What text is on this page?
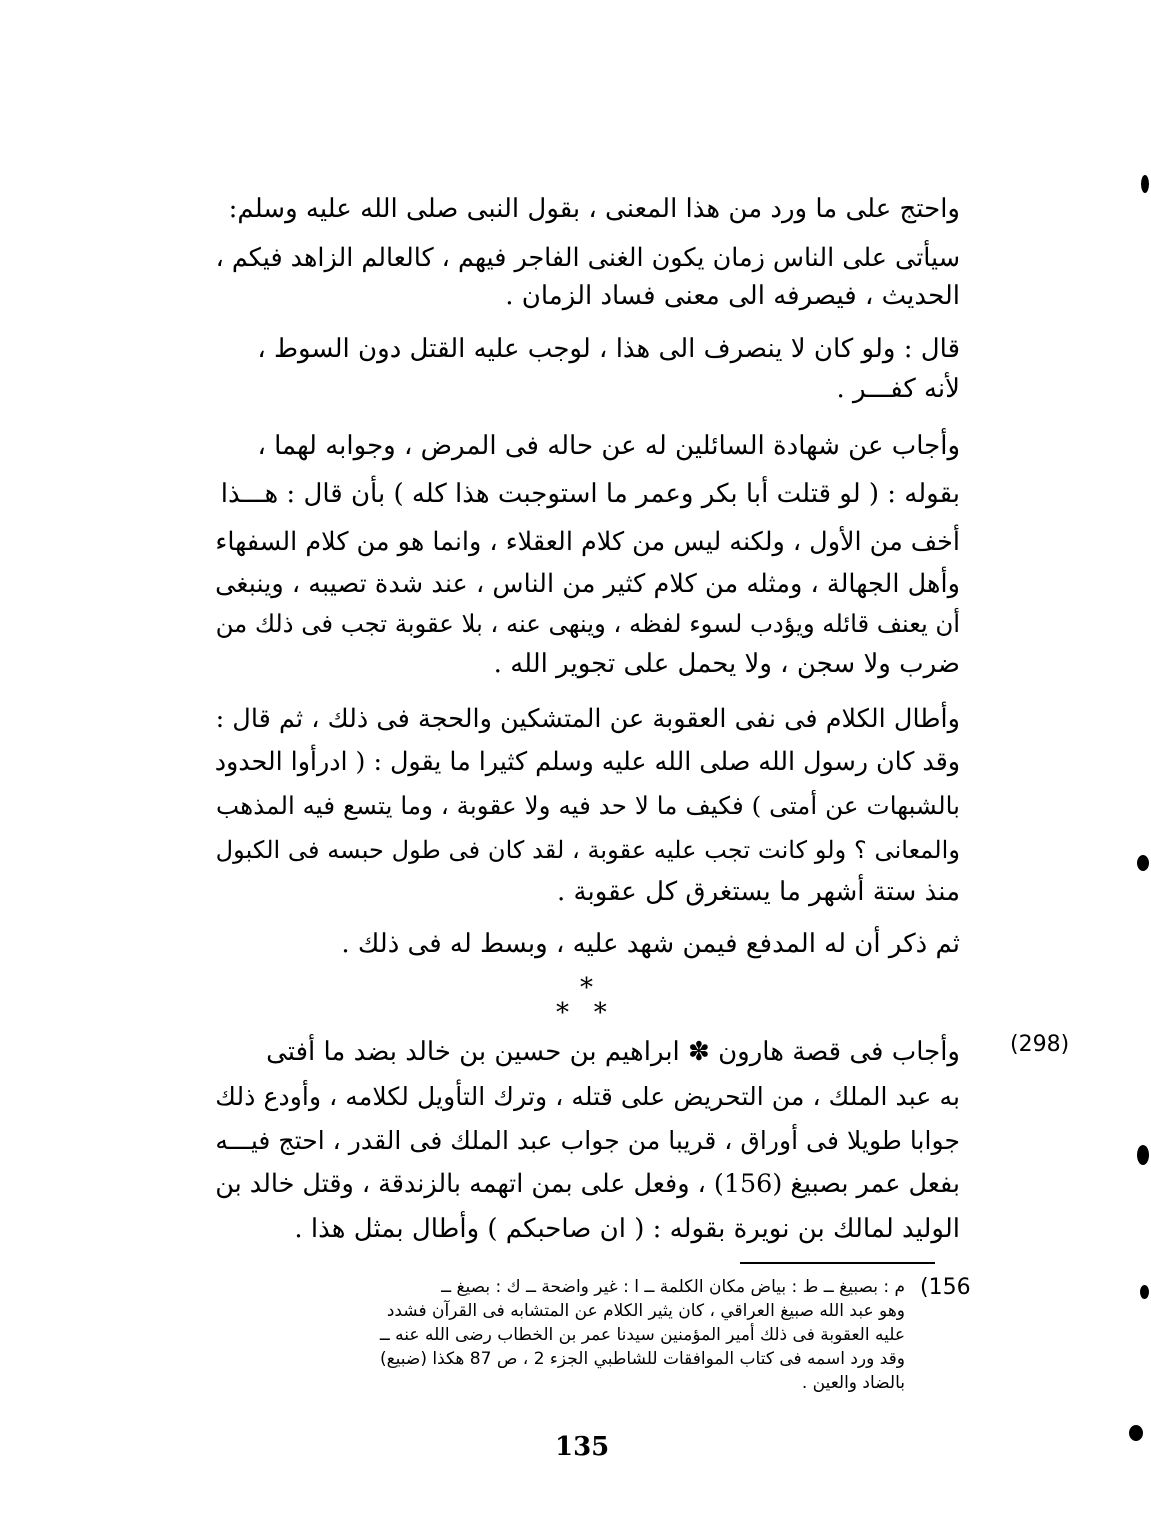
واحتج على ما ورد من هذا المعنى ، بقول النبى صلى الله عليه وسلم:
سيأتى على الناس زمان يكون الغنى الفاجر فيهم ، كالعالم الزاهد فيكم ،
الحديث ، فيصرفه الى معنى فساد الزمان .
قال : ولو كان لا ينصرف الى هذا ، لوجب عليه القتل دون السوط ،
لأنه كفـــر .
وأجاب عن شهادة السائلين له عن حاله فى المرض ، وجوابه لهما ،
بقوله : ( لو قتلت أبا بكر وعمر ما استوجبت هذا كله ) بأن قال : هـــذا
أخف من الأول ، ولكنه ليس من كلام العقلاء ، وانما هو من كلام السفهاء
وأهل الجهالة ، ومثله من كلام كثير من الناس ، عند شدة تصيبه ، وينبغى
أن يعنف قائله ويؤدب لسوء لفظه ، وينهى عنه ، بلا عقوبة تجب فى ذلك من
ضرب ولا سجن ، ولا يحمل على تجوير الله .
وأطال الكلام فى نفى العقوبة عن المتشكين والحجة فى ذلك ، ثم قال :
وقد كان رسول الله صلى الله عليه وسلم كثيرا ما يقول : ( ادرأوا الحدود
بالشبهات عن أمتى ) فكيف ما لا حد فيه ولا عقوبة ، وما يتسع فيه المذهب
والمعانى ؟ ولو كانت تجب عليه عقوبة ، لقد كان فى طول حبسه فى الكبول
منذ ستة أشهر ما يستغرق كل عقوبة .
ثم ذكر أن له المدفع فيمن شهد عليه ، وبسط له فى ذلك .
*
*   *
(298)
وأجاب فى قصة هارون ✽ ابراهيم بن حسين بن خالد بضد ما أفتى
به عبد الملك ، من التحريض على قتله ، وترك التأويل لكلامه ، وأودع ذلك
جوابا طويلا فى أوراق ، قريبا من جواب عبد الملك فى القدر ، احتج فيـــه
بفعل عمر بصبيغ (156) ، وفعل على بمن اتهمه بالزندقة ، وقتل خالد بن
الوليد لمالك بن نويرة بقوله : ( ان صاحبكم ) وأطال بمثل هذا .
(156
م : بصبيغ ــ ط : بياض مكان الكلمة ــ ا : غير واضحة ــ ك : بصيغ ــ
وهو عبد الله صبيغ العراقي ، كان يثير الكلام عن المتشابه فى القرآن فشدد
عليه العقوبة فى ذلك أمير المؤمنين سيدنا عمر بن الخطاب رضى الله عنه ــ
وقد ورد اسمه فى كتاب الموافقات للشاطبي الجزء 2 ، ص 87 هكذا (ضبيع)
بالضاد والعين .
135
